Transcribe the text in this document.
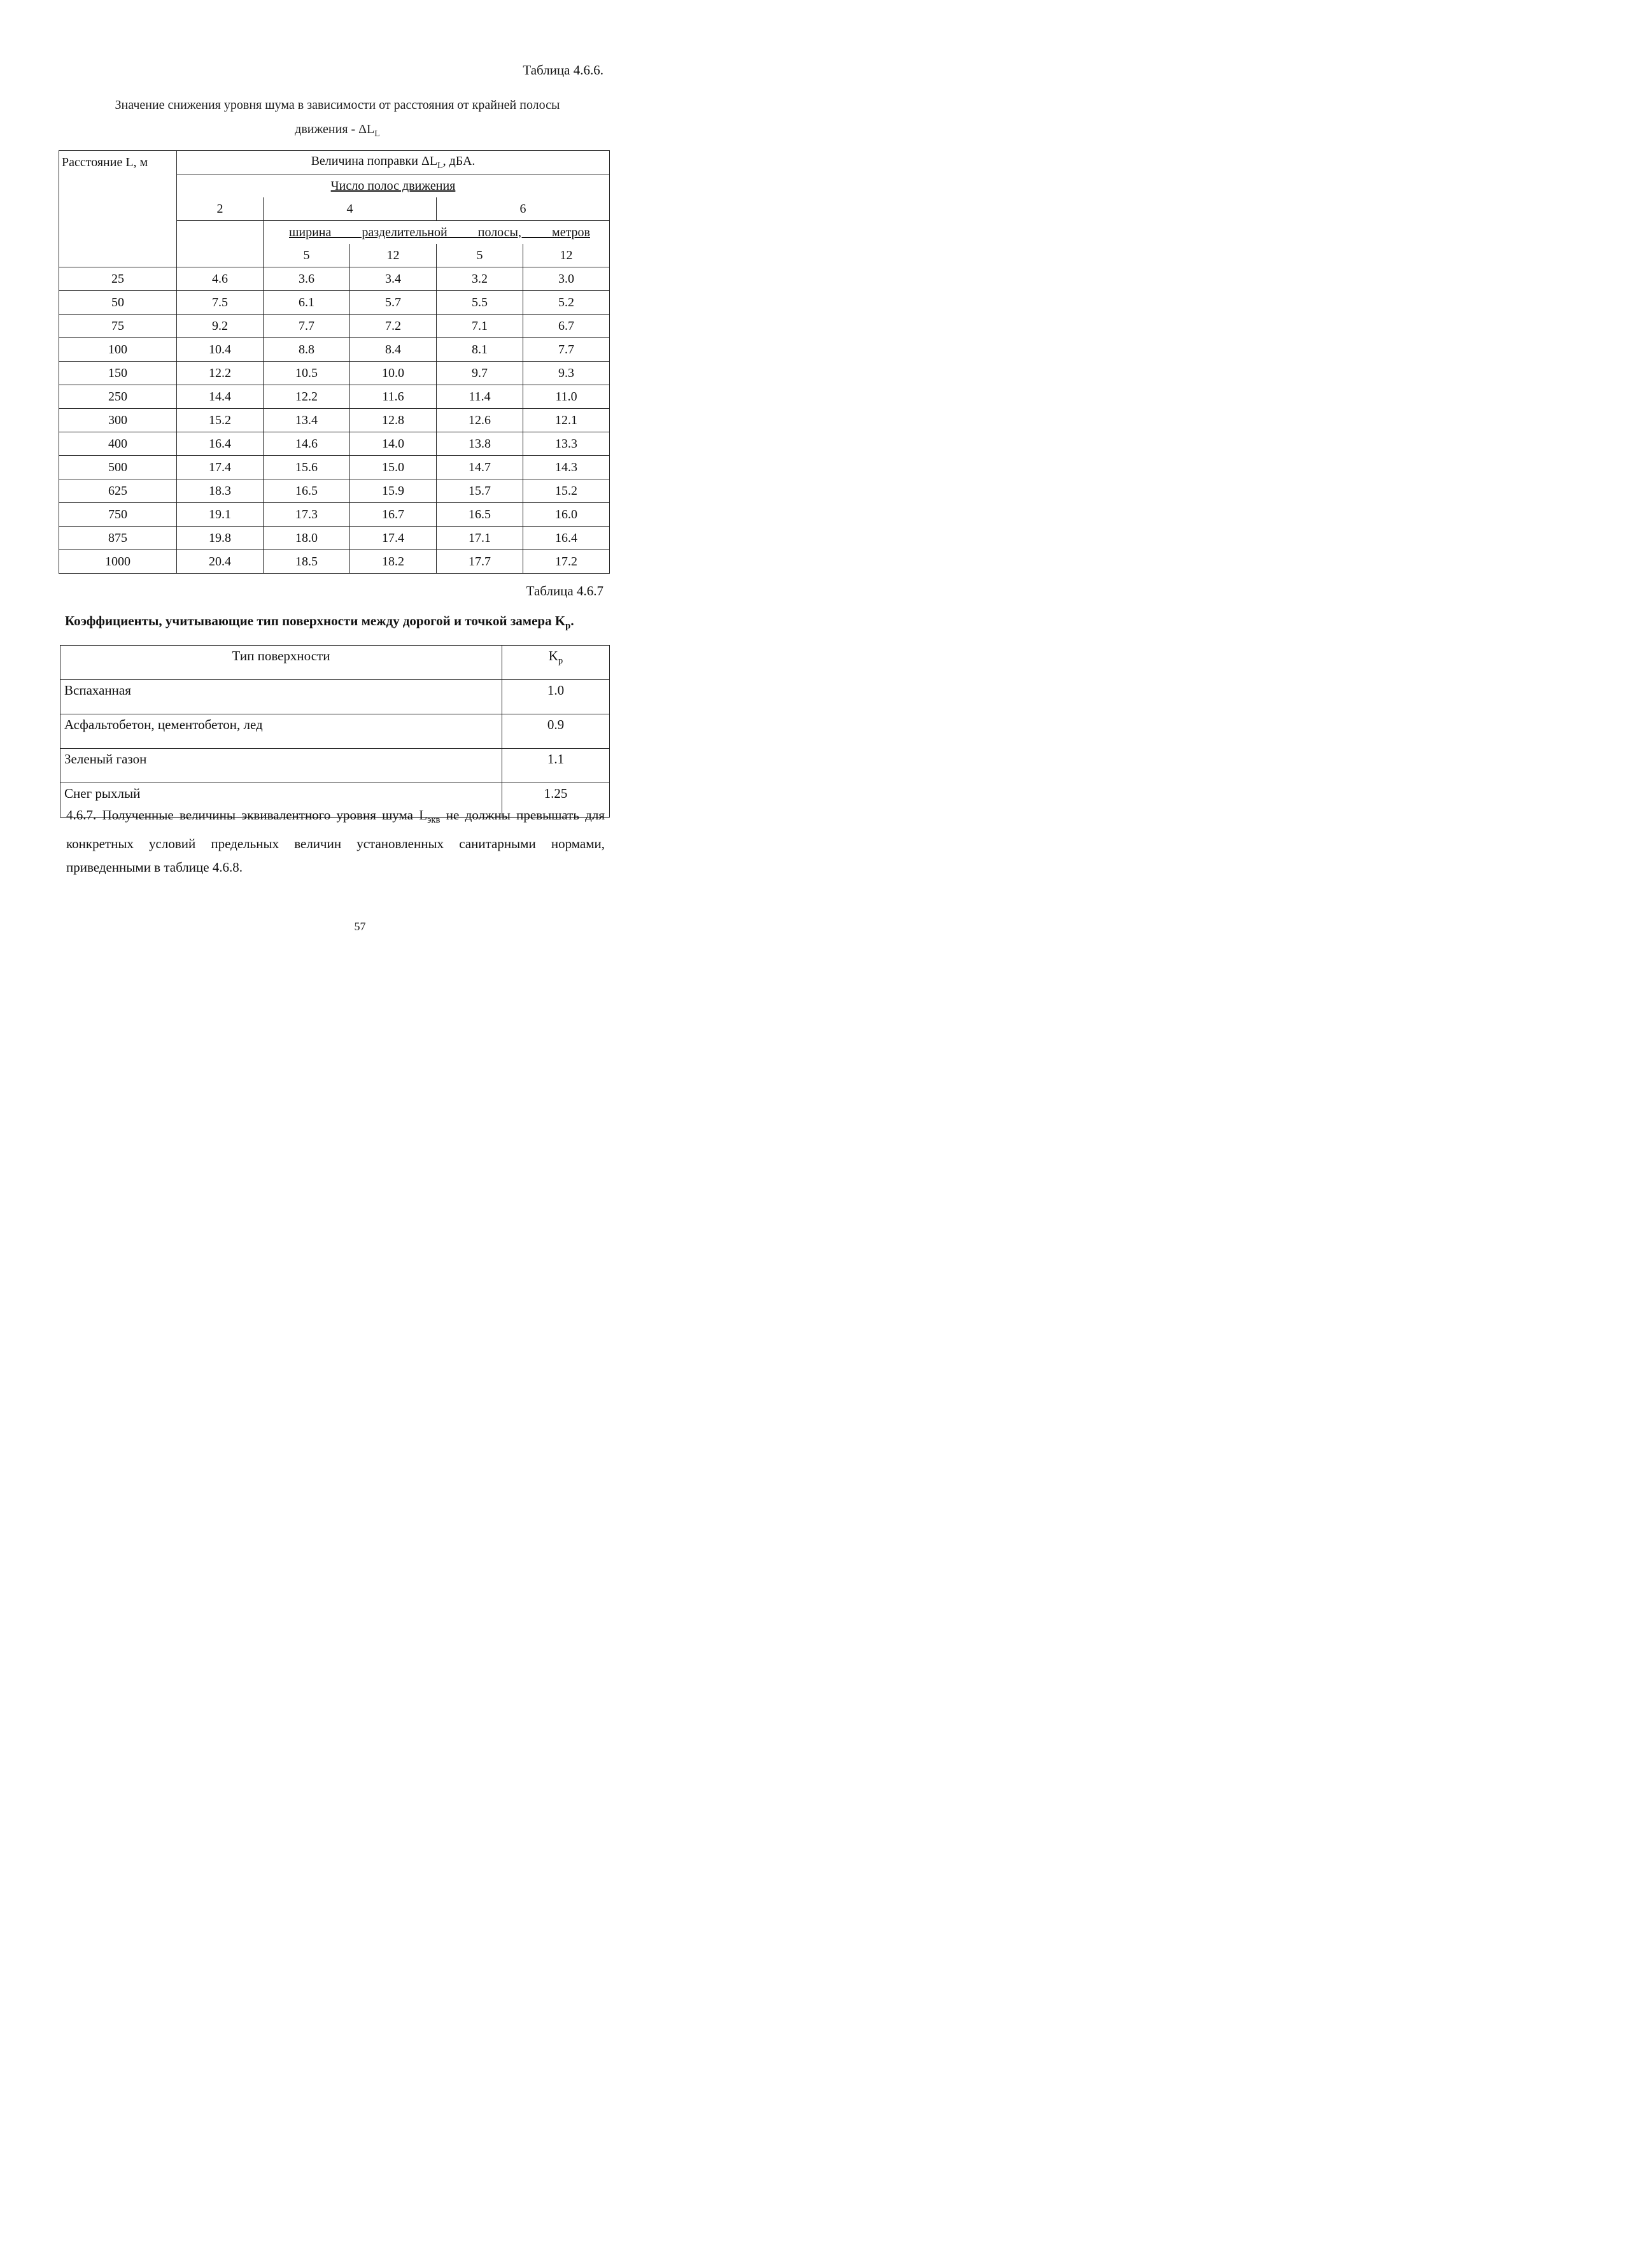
Таблица 4.6.6.
Значение снижения уровня шума в зависимости от расстояния от крайней полосы
движения - $\Delta L_L$
Расстояние L, м	Величина поправки $\Delta L_L$, дБА.				
	Число полос движения				
	2	4		6	
		ширина разделительной полосы, метров			
		5	12	5	12
25	4.6	3.6	3.4	3.2	3.0
50	7.5	6.1	5.7	5.5	5.2
75	9.2	7.7	7.2	7.1	6.7
100	10.4	8.8	8.4	8.1	7.7
150	12.2	10.5	10.0	9.7	9.3
250	14.4	12.2	11.6	11.4	11.0
300	15.2	13.4	12.8	12.6	12.1
400	16.4	14.6	14.0	13.8	13.3
500	17.4	15.6	15.0	14.7	14.3
625	18.3	16.5	15.9	15.7	15.2
750	19.1	17.3	16.7	16.5	16.0
875	19.8	18.0	17.4	17.1	16.4
1000	20.4	18.5	18.2	17.7	17.2
Таблица 4.6.7
Коэффициенты, учитывающие тип поверхности между дорогой и точкой замера $K_p$.
Тип поверхности	$K_p$
Вспаханная	1.0
Асфальтобетон, цементобетон, лед	0.9
Зеленый газон	1.1
Снег рыхлый	1.25
4.6.7. Полученные величины эквивалентного уровня шума $L_{экв}$ не должны превышать для конкретных условий предельных величин установленных санитарными нормами, приведенными в таблице 4.6.8.
57
